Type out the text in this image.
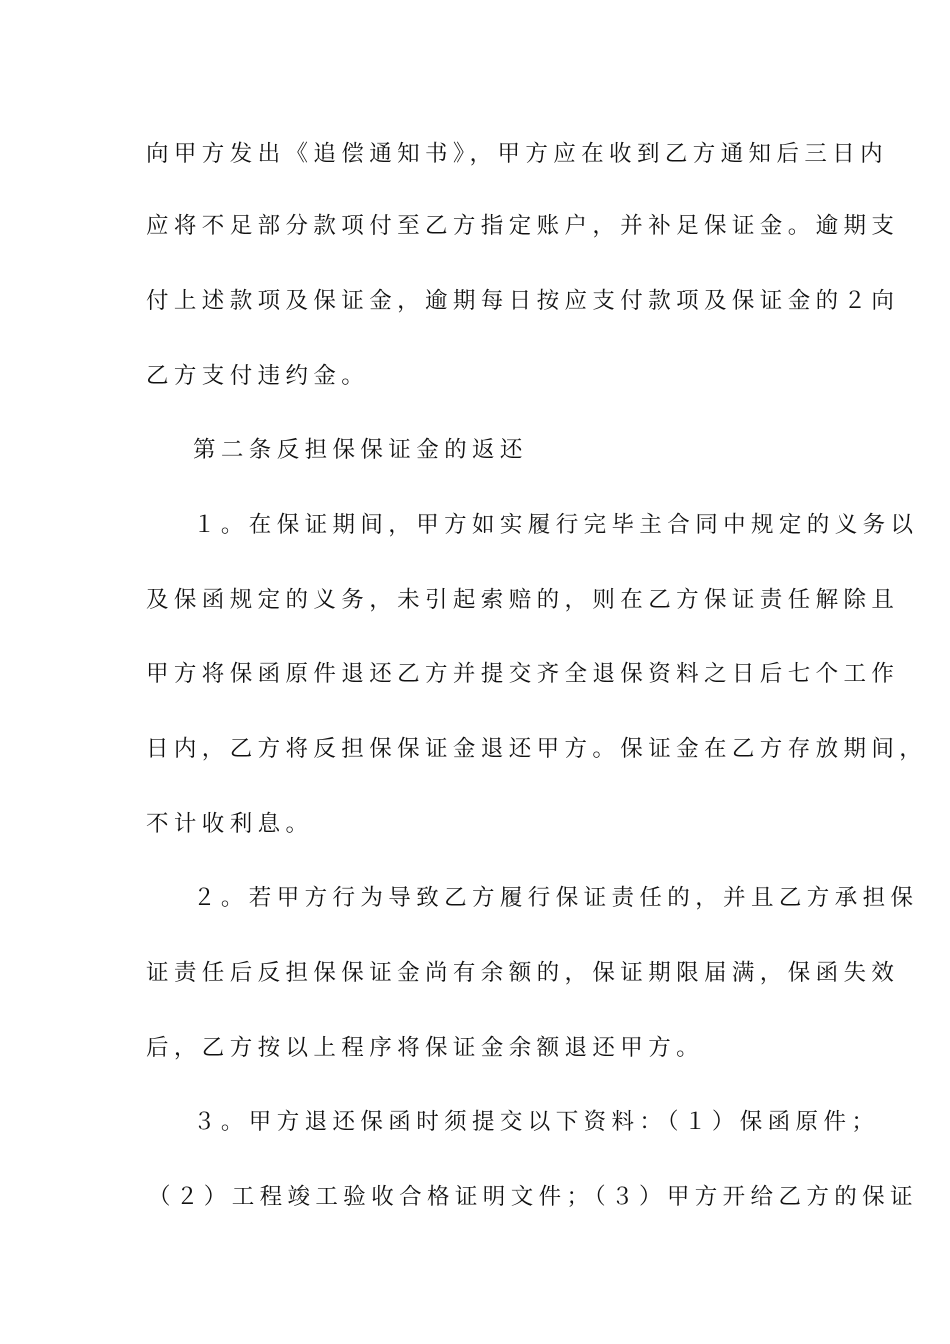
向甲方发出《追偿通知书》，甲方应在收到乙方通知后三日内
应将不足部分款项付至乙方指定账户，并补足保证金。逾期支
付上述款项及保证金，逾期每日按应支付款项及保证金的２向
乙方支付违约金。
第二条反担保保证金的返还
１。在保证期间，甲方如实履行完毕主合同中规定的义务以
及保函规定的义务，未引起索赔的，则在乙方保证责任解除且
甲方将保函原件退还乙方并提交齐全退保资料之日后七个工作
日内，乙方将反担保保证金退还甲方。保证金在乙方存放期间，
不计收利息。
２。若甲方行为导致乙方履行保证责任的，并且乙方承担保
证责任后反担保保证金尚有余额的，保证期限届满，保函失效
后，乙方按以上程序将保证金余额退还甲方。
３。甲方退还保函时须提交以下资料：（１）保函原件；
（２）工程竣工验收合格证明文件；（３）甲方开给乙方的保证
